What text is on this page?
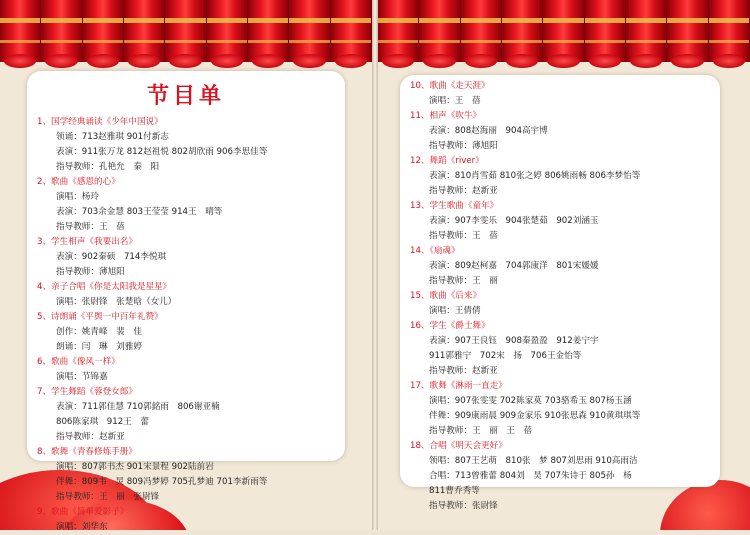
节目单
1、国学经典诵读《少年中国说》
领诵：713赵雅琪 901付新志
表演：911张万龙 812赵祖悦 802胡欣雨 906李思佳等
指导教师：孔艳允　秦　阳
2、歌曲《感恩的心》
演唱：杨玲
表演：703余金慧 803王莹莹 914王　晴等
指导教师：王　蓓
3、学生相声《我要出名》
表演：902秦硕　714李悦琪
指导教师：薄旭阳
4、亲子合唱《你是太阳我是星星》
演唱：张尉锋　张楚晗（女儿）
5、诗朗诵《平舆一中百年礼赞》
创作：姚青峰　裴　佳
朗诵：闫　琳　刘雅婷
6、歌曲《像风一样》
演唱：节锦嘉
7、学生舞蹈《蓉登女郎》
表演：711郭佳慧 710郭銘雨　806谢亚楠
806陈家琪　912王　蕾
指导教师：赵新亚
8、歌舞《青春修炼手册》
演唱：807郭书杰 901宋景程 902陆前岩
伴舞：809韦　炅 809冯梦婷 705孔梦迪 701李新雨等
指导教师：王　丽　张尉锋
9、歌曲《简单爱影子》
演唱：刘华东
10、歌曲《走天涯》
演唱：王　蓓
11、相声《吹牛》
表演：808赵海丽　904高宇博
指导教师：薄旭阳
12、舞蹈《river》
表演：810肖雪茹 810张之婷 806姚雨畅 806李梦怡等
指导教师：赵新亚
13、学生歌曲《童年》
表演：907李雯乐　904张楚茹　902刘涵玉
指导教师：王　蓓
14、《扇魂》
表演：809赵柯嘉　704郭康洋　801宋媛媛
指导教师：王　丽
15、歌曲《后来》
演唱：王倩倩
16、学生《爵士舞》
表演：907王良钰　908秦盈盈　912姜宁宇
911郭雅宁　702宋　扬　706王金怡等
指导教师：赵新亚
17、歌舞《淋雨一直走》
演唱：907张雯雯 702陈家莫 703骆希玉 807杨玉涵
伴舞：909康雨晨 909金家乐 910张思森 910黄琪琪等
指导教师：王　丽　王　蓓
18、合唱《明天会更好》
领唱：807王艺萌　810张　梦 807刘思雨 910高雨洁
合唱：713曾雅蕾 804刘　昊 707朱诗于 805孙　杨
811曹乔秀等
指导教师：张尉锋
